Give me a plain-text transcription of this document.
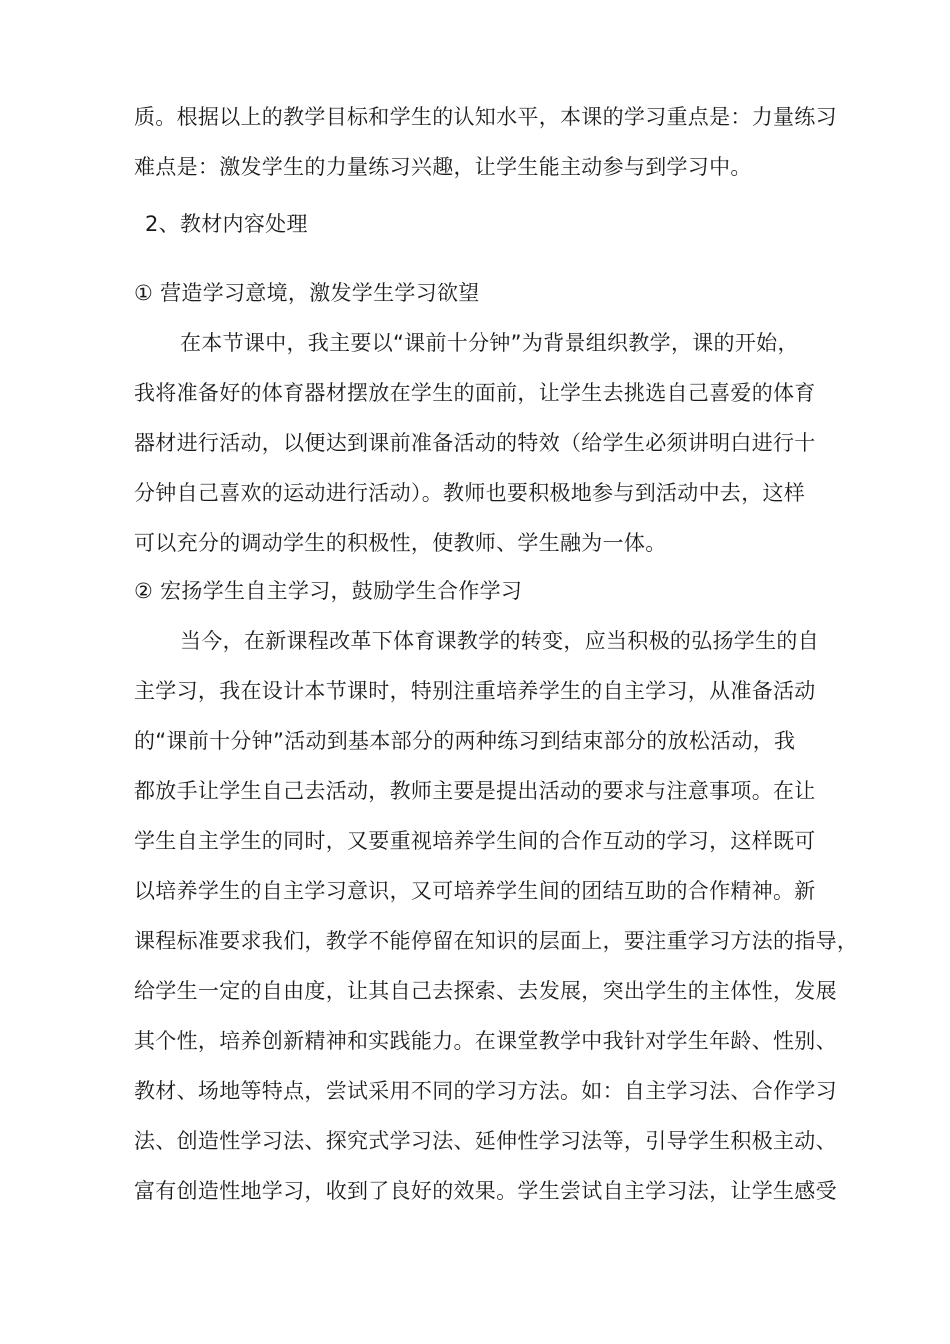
质。根据以上的教学目标和学生的认知水平，本课的学习重点是：力量练习
难点是：激发学生的力量练习兴趣，让学生能主动参与到学习中。
2、教材内容处理
① 营造学习意境，激发学生学习欲望
在本节课中，我主要以“课前十分钟”为背景组织教学，课的开始，
我将准备好的体育器材摆放在学生的面前，让学生去挑选自己喜爱的体育
器材进行活动，以便达到课前准备活动的特效（给学生必须讲明白进行十
分钟自己喜欢的运动进行活动）。教师也要积极地参与到活动中去，这样
可以充分的调动学生的积极性，使教师、学生融为一体。
② 宏扬学生自主学习，鼓励学生合作学习
当今，在新课程改革下体育课教学的转变，应当积极的弘扬学生的自
主学习，我在设计本节课时，特别注重培养学生的自主学习，从准备活动
的“课前十分钟”活动到基本部分的两种练习到结束部分的放松活动，我
都放手让学生自己去活动，教师主要是提出活动的要求与注意事项。在让
学生自主学生的同时，又要重视培养学生间的合作互动的学习，这样既可
以培养学生的自主学习意识，又可培养学生间的团结互助的合作精神。新
课程标准要求我们，教学不能停留在知识的层面上，要注重学习方法的指导，
给学生一定的自由度，让其自己去探索、去发展，突出学生的主体性，发展
其个性，培养创新精神和实践能力。在课堂教学中我针对学生年龄、性别、
教材、场地等特点，尝试采用不同的学习方法。如：自主学习法、合作学习
法、创造性学习法、探究式学习法、延伸性学习法等，引导学生积极主动、
富有创造性地学习，收到了良好的效果。学生尝试自主学习法，让学生感受
